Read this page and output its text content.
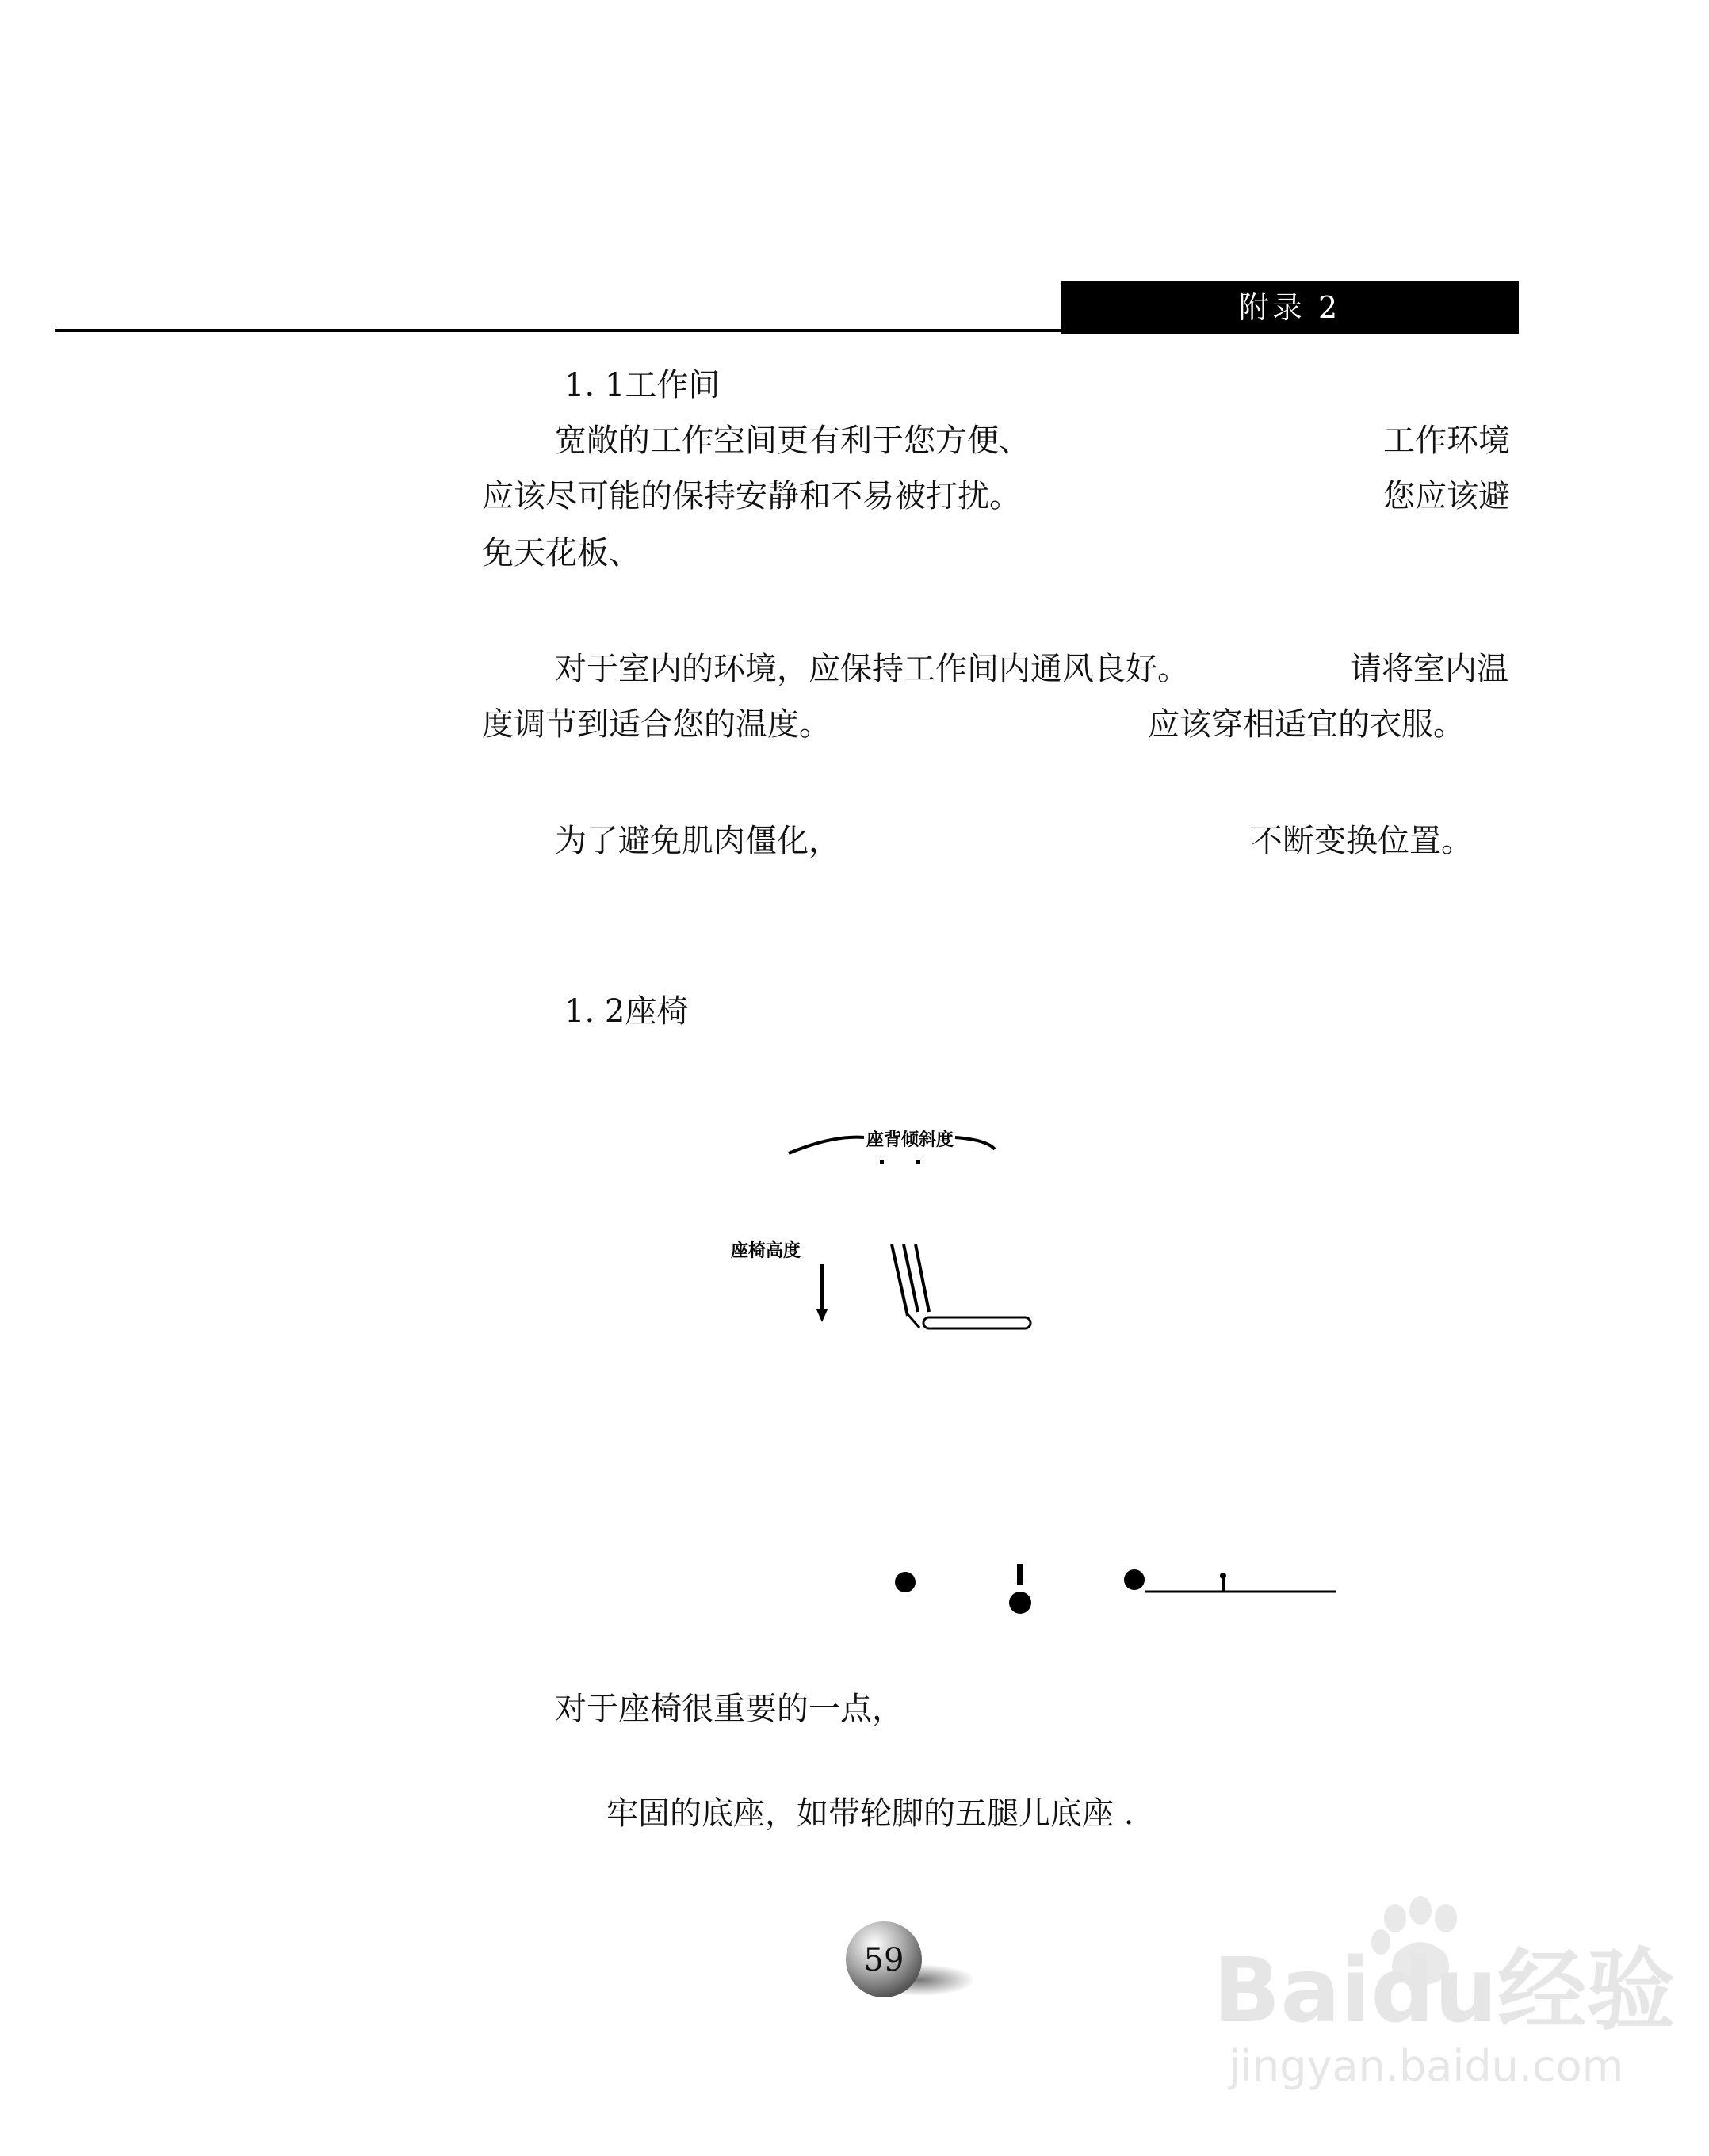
附录 2
1. 1工作间
宽敞的工作空间更有利于您方便、	工作环境
应该尽可能的保持安静和不易被打扰。	您应该避
免天花板、
对于室内的环境，应保持工作间内通风良好。	请将室内温
度调节到适合您的温度。	应该穿相适宜的衣服。
为了避免肌肉僵化，	不断变换位置。
1. 2座椅
座背倾斜度
座椅高度
对于座椅很重要的一点，
牢固的底座，如带轮脚的五腿儿底座 .
59	Baidu经验
jingyan.baidu.com
